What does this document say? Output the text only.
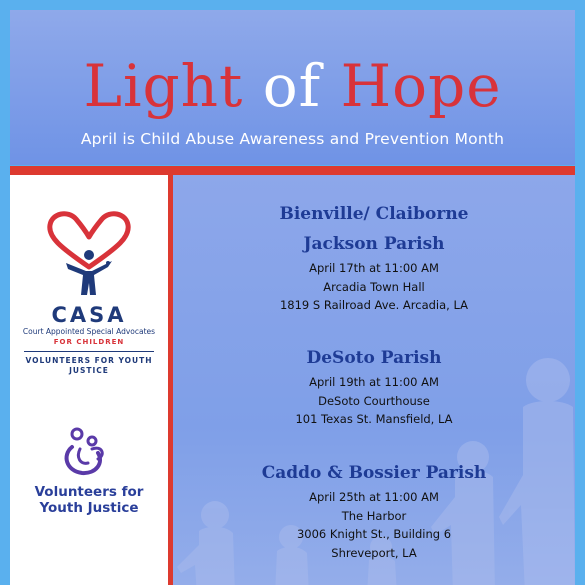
Light of Hope
April is Child Abuse Awareness and Prevention Month
CASA
Court Appointed Special Advocates
FOR CHILDREN
VOLUNTEERS FOR YOUTH
JUSTICE
Volunteers for
Youth Justice
Bienville/ Claiborne
Jackson Parish
April 17th at 11:00 AM
Arcadia Town Hall
1819 S Railroad Ave. Arcadia, LA
DeSoto Parish
April 19th at 11:00 AM
DeSoto Courthouse
101 Texas St. Mansfield, LA
Caddo & Bossier Parish
April 25th at 11:00 AM
The Harbor
3006 Knight St., Building 6
Shreveport, LA
